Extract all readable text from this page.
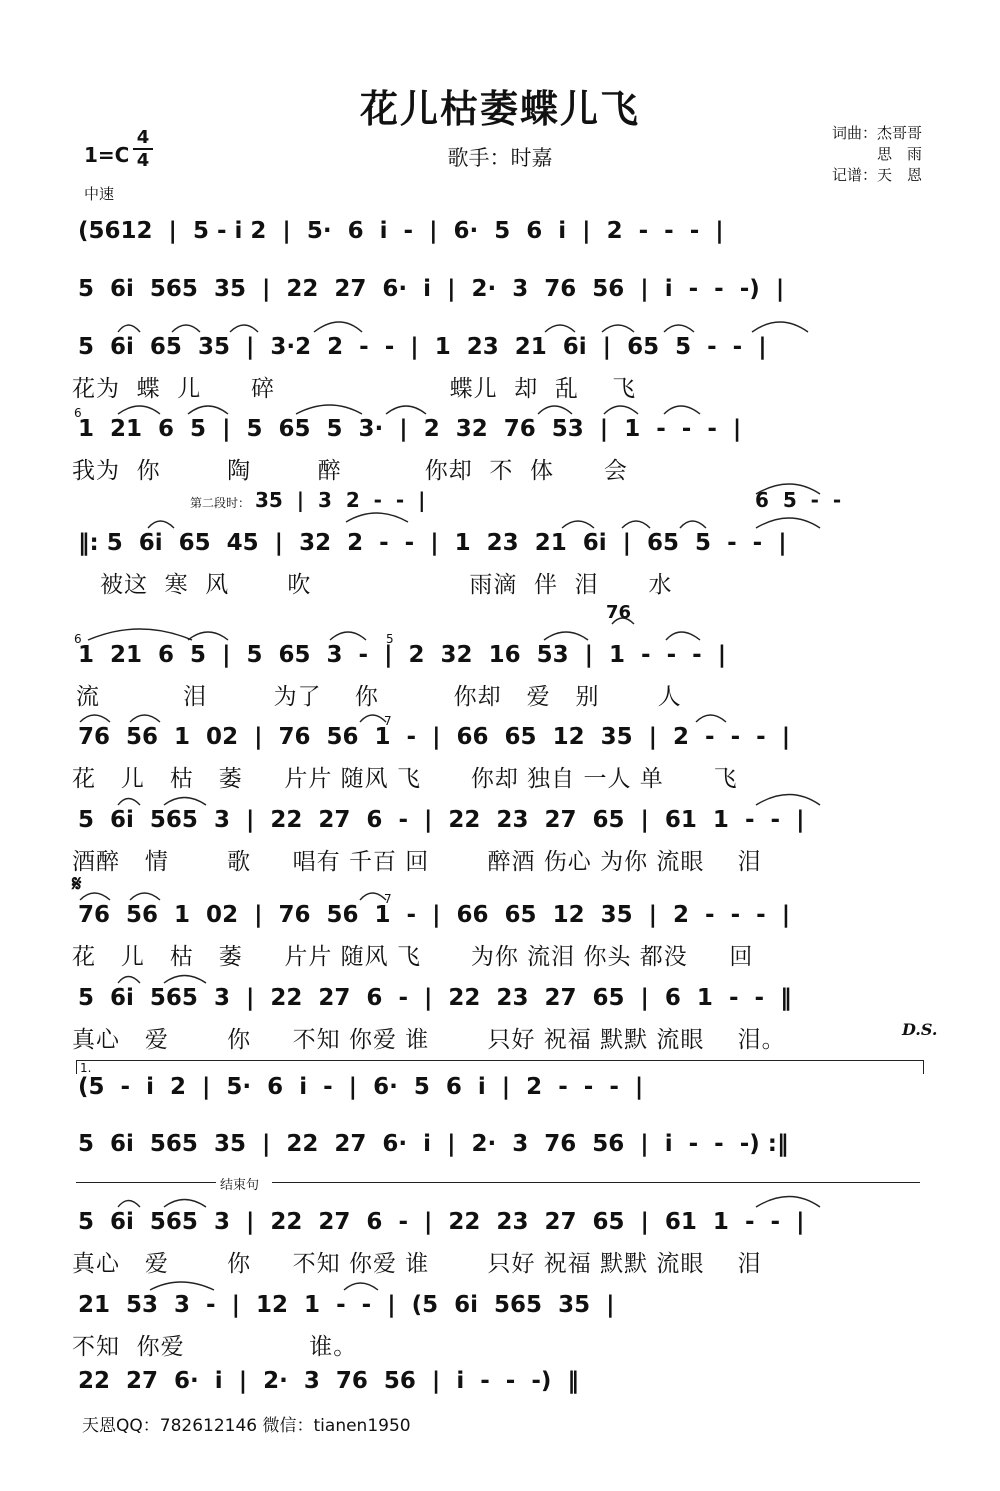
花儿枯萎蝶儿飞
歌手：时嘉
1=C
4
4
中速
词曲：杰哥哥
思　雨
记谱：天　恩
(5612  |  5 - i 2  |  5·  6  i  -  |  6·  5  6  i  |  2  -  -  -  |
5  6i  565  35  |  22  27  6·  i  |  2·  3  76  56  |  i  -  -  -)  |
5  6i  65  35  |  3·2  2  -  -  |  1  23  21  6i  |  65  5  -  -  |
花为  蝶  儿      碎                     蝶儿  却  乱    飞
6
1  21  6  5  |  5  65  5  3·  |  2  32  76  53  |  1  -  -  -  |
我为  你        陶        醉          你却  不  体      会
第二段时： 35  |  3  2  -  -  |	6  5  -  -
‖: 5  6i  65  45  |  32  2  -  -  |  1  23  21  6i  |  65  5  -  -  |
被这  寒  风       吹                   雨滴  伴  泪      水
76
6	5
1  21  6  5  |  5  65  3  -  |  2  32  16  53  |  1  -  -  -  |
流          泪        为了    你         你却   爱   别       人
7
76  56  1  02  |  76  56  1  -  |  66  65  12  35  |  2  -  -  -  |
花   儿   枯   萎     片片 随风 飞      你却 独自 一人 单      飞
5  6i  565  3  |  22  27  6  -  |  22  23  27  65  |  61  1  -  -  |
酒醉   情       歌     唱有 千百 回       醉酒 伤心 为你 流眼    泪
𝄋
7
76  56  1  02  |  76  56  1  -  |  66  65  12  35  |  2  -  -  -  |
花   儿   枯   萎     片片 随风 飞      为你 流泪 你头 都没     回
5  6i  565  3  |  22  27  6  -  |  22  23  27  65  |  6  1  -  -  ‖
真心   爱       你     不知 你爱 谁       只好 祝福 默默 流眼    泪。	D.S.
1.
(5  -  i  2  |  5·  6  i  -  |  6·  5  6  i  |  2  -  -  -  |
5  6i  565  35  |  22  27  6·  i  |  2·  3  76  56  |  i  -  -  -) :‖
结束句
5  6i  565  3  |  22  27  6  -  |  22  23  27  65  |  61  1  -  -  |
真心   爱       你     不知 你爱 谁       只好 祝福 默默 流眼    泪
21  53  3  -  |  12  1  -  -  |  (5  6i  565  35  |
不知  你爱               谁。
22  27  6·  i  |  2·  3  76  56  |  i  -  -  -)  ‖
天恩QQ：782612146 微信：tianen1950
